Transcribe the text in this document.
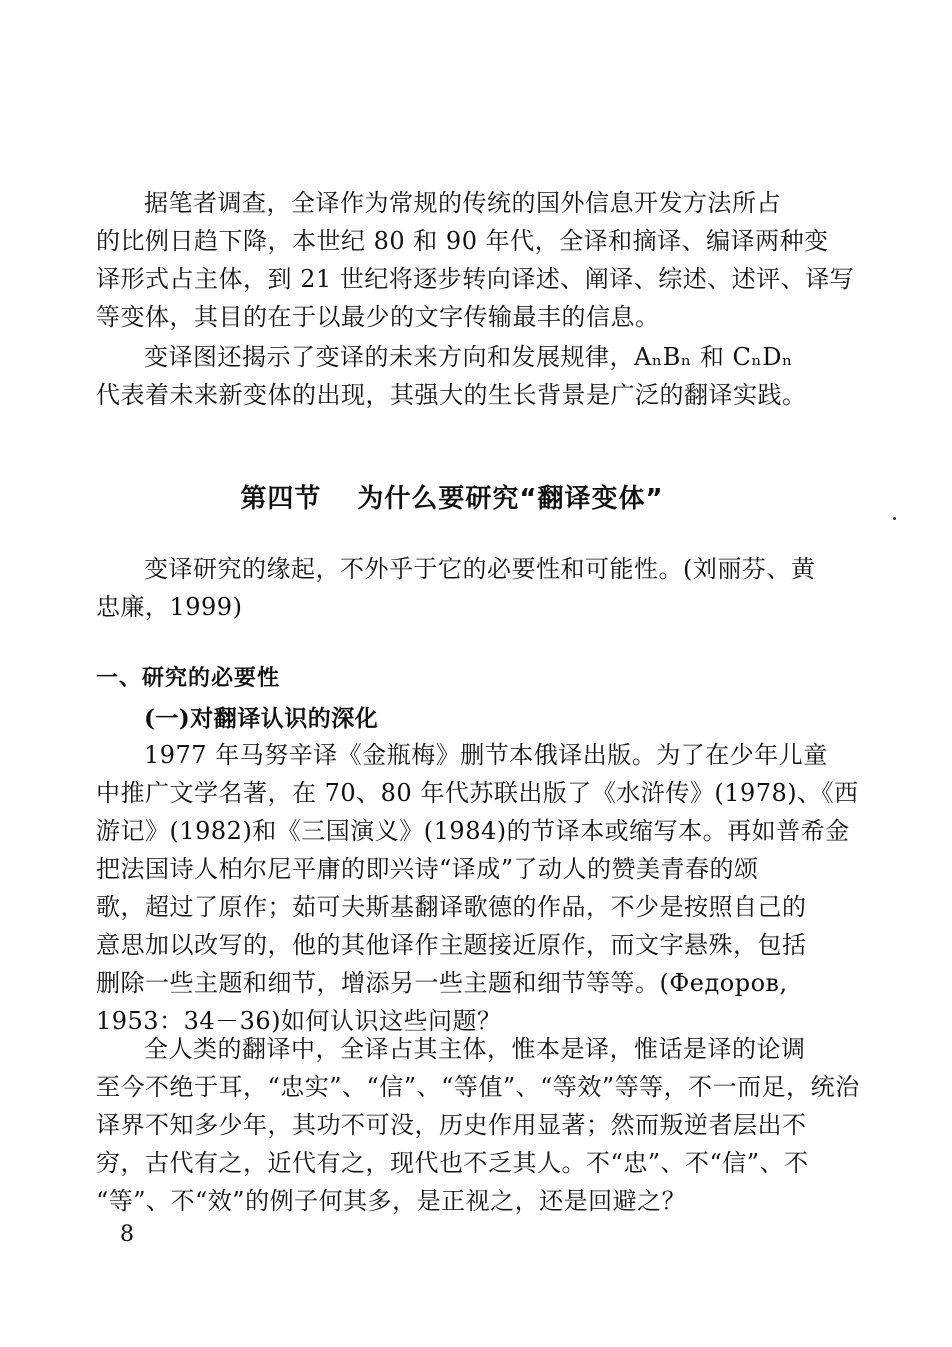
据笔者调查，全译作为常规的传统的国外信息开发方法所占
的比例日趋下降，本世纪 80 和 90 年代，全译和摘译、编译两种变
译形式占主体，到 21 世纪将逐步转向译述、阐译、综述、述评、译写
等变体，其目的在于以最少的文字传输最丰的信息。
变译图还揭示了变译的未来方向和发展规律，AₙBₙ 和 CₙDₙ
代表着未来新变体的出现，其强大的生长背景是广泛的翻译实践。
第四节 为什么要研究“翻译变体”
变译研究的缘起，不外乎于它的必要性和可能性。(刘丽芬、黄
忠廉，1999)
一、研究的必要性
(一)对翻译认识的深化
1977 年马努辛译《金瓶梅》删节本俄译出版。为了在少年儿童
中推广文学名著，在 70、80 年代苏联出版了《水浒传》(1978)、《西
游记》(1982)和《三国演义》(1984)的节译本或缩写本。再如普希金
把法国诗人柏尔尼平庸的即兴诗“译成”了动人的赞美青春的颂
歌，超过了原作；茹可夫斯基翻译歌德的作品，不少是按照自己的
意思加以改写的，他的其他译作主题接近原作，而文字悬殊，包括
删除一些主题和细节，增添另一些主题和细节等等。(Федоров,
1953：34－36)如何认识这些问题？
全人类的翻译中，全译占其主体，惟本是译，惟话是译的论调
至今不绝于耳，“忠实”、“信”、“等值”、“等效”等等，不一而足，统治
译界不知多少年，其功不可没，历史作用显著；然而叛逆者层出不
穷，古代有之，近代有之，现代也不乏其人。不“忠”、不“信”、不
“等”、不“效”的例子何其多，是正视之，还是回避之？

8
